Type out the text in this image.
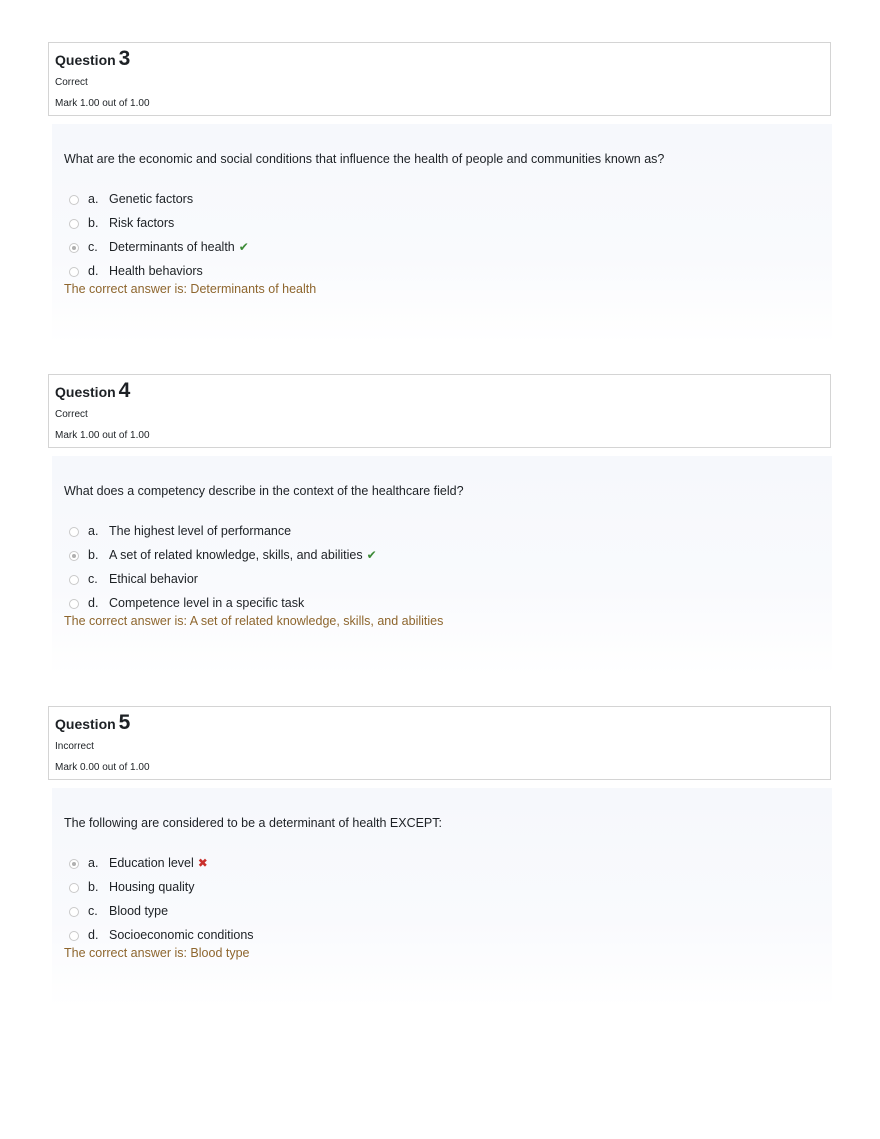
Question 3
Correct
Mark 1.00 out of 1.00
What are the economic and social conditions that influence the health of people and communities known as?
a. Genetic factors
b. Risk factors
c. Determinants of health ✔
d. Health behaviors
The correct answer is: Determinants of health
Question 4
Correct
Mark 1.00 out of 1.00
What does a competency describe in the context of the healthcare field?
a. The highest level of performance
b. A set of related knowledge, skills, and abilities ✔
c. Ethical behavior
d. Competence level in a specific task
The correct answer is: A set of related knowledge, skills, and abilities
Question 5
Incorrect
Mark 0.00 out of 1.00
The following are considered to be a determinant of health EXCEPT:
a. Education level ✖
b. Housing quality
c. Blood type
d. Socioeconomic conditions
The correct answer is: Blood type
